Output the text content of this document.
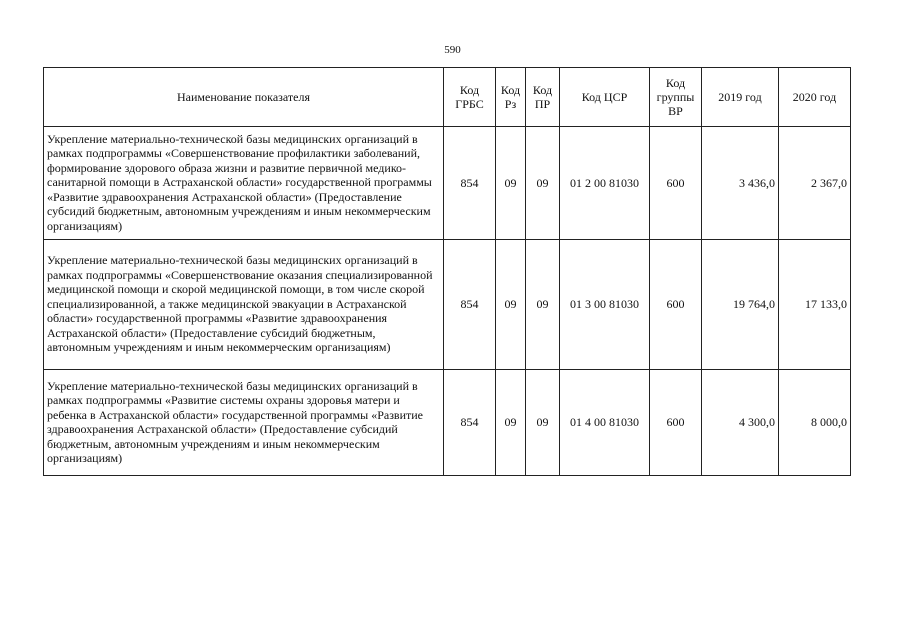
590
Наименование показателя	Код ГРБС	Код Рз	Код ПР	Код ЦСР	Код группы ВР	2019 год	2020 год
Укрепление материально-технической базы медицинских организаций в рамках подпрограммы «Совершенствование профилактики заболеваний, формирование здорового образа жизни и развитие первичной медико-санитарной помощи в Астраханской области» государственной программы «Развитие здравоохранения Астраханской области» (Предоставление субсидий бюджетным, автономным учреждениям и иным некоммерческим организациям)	854	09	09	01 2 00 81030	600	3 436,0	2 367,0
Укрепление материально-технической базы медицинских организаций в рамках подпрограммы «Совершенствование оказания специализированной медицинской помощи и скорой медицинской помощи, в том числе скорой специализированной, а также медицинской эвакуации в Астраханской области» государственной программы «Развитие здравоохранения Астраханской области» (Предоставление субсидий бюджетным, автономным учреждениям и иным некоммерческим организациям)	854	09	09	01 3 00 81030	600	19 764,0	17 133,0
Укрепление материально-технической базы медицинских организаций в рамках подпрограммы «Развитие системы охраны здоровья матери и ребенка в Астраханской области» государственной программы «Развитие здравоохранения Астраханской области» (Предоставление субсидий бюджетным, автономным учреждениям и иным некоммерческим организациям)	854	09	09	01 4 00 81030	600	4 300,0	8 000,0
